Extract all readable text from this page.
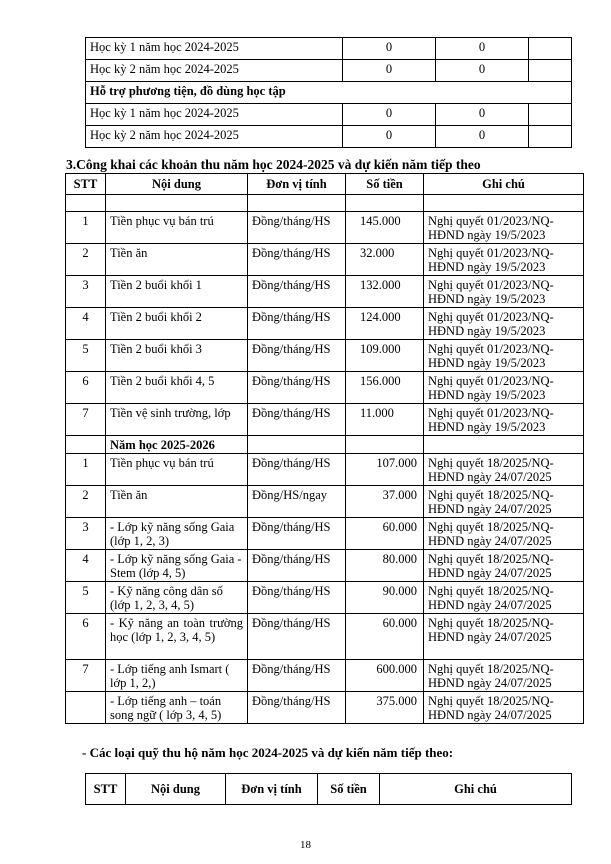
Học kỳ 1 năm học 2024-2025	0	0	
Học kỳ 2 năm học 2024-2025	0	0	
Hỗ trợ phương tiện, đồ dùng học tập			
Học kỳ 1 năm học 2024-2025	0	0	
Học kỳ 2 năm học 2024-2025	0	0	
3.Công khai các khoản thu năm học 2024-2025 và dự kiến năm tiếp theo
STT	Nội dung	Đơn vị tính	Số tiền	Ghi chú

1	Tiền phục vụ bán trú	Đồng/tháng/HS	145.000	Nghị quyết 01/2023/NQ-HĐND ngày 19/5/2023
2	Tiền ăn	Đồng/tháng/HS	32.000	Nghị quyết 01/2023/NQ-HĐND ngày 19/5/2023
3	Tiền 2 buổi khối 1	Đồng/tháng/HS	132.000	Nghị quyết 01/2023/NQ-HĐND ngày 19/5/2023
4	Tiền 2 buổi khối 2	Đồng/tháng/HS	124.000	Nghị quyết 01/2023/NQ-HĐND ngày 19/5/2023
5	Tiền 2 buổi khối 3	Đồng/tháng/HS	109.000	Nghị quyết 01/2023/NQ-HĐND ngày 19/5/2023
6	Tiền 2 buổi khối 4, 5	Đồng/tháng/HS	156.000	Nghị quyết 01/2023/NQ-HĐND ngày 19/5/2023
7	Tiền vệ sinh trường, lớp	Đồng/tháng/HS	11.000	Nghị quyết 01/2023/NQ-HĐND ngày 19/5/2023
	Năm học 2025-2026			
1	Tiền phục vụ bán trú	Đồng/tháng/HS	107.000	Nghị quyết 18/2025/NQ-HĐND ngày 24/07/2025
2	Tiền ăn	Đồng/HS/ngay	37.000	Nghị quyết 18/2025/NQ-HĐND ngày 24/07/2025
3	- Lớp kỹ năng sống Gaia (lớp 1, 2, 3)	Đồng/tháng/HS	60.000	Nghị quyết 18/2025/NQ-HĐND ngày 24/07/2025
4	- Lớp kỹ năng sống Gaia - Stem (lớp 4, 5)	Đồng/tháng/HS	80.000	Nghị quyết 18/2025/NQ-HĐND ngày 24/07/2025
5	- Kỹ năng công dân số (lớp 1, 2, 3, 4, 5)	Đồng/tháng/HS	90.000	Nghị quyết 18/2025/NQ-HĐND ngày 24/07/2025
6	- Kỹ năng an toàn trường học (lớp 1, 2, 3, 4, 5)	Đồng/tháng/HS	60.000	Nghị quyết 18/2025/NQ-HĐND ngày 24/07/2025
7	- Lớp tiếng anh Ismart ( lớp 1, 2,)	Đồng/tháng/HS	600.000	Nghị quyết 18/2025/NQ-HĐND ngày 24/07/2025
	- Lớp tiếng anh – toán song ngữ ( lớp 3, 4, 5)	Đồng/tháng/HS	375.000	Nghị quyết 18/2025/NQ-HĐND ngày 24/07/2025
- Các loại quỹ thu hộ năm học 2024-2025 và dự kiến năm tiếp theo:
STT	Nội dung	Đơn vị tính	Số tiền	Ghi chú
18
